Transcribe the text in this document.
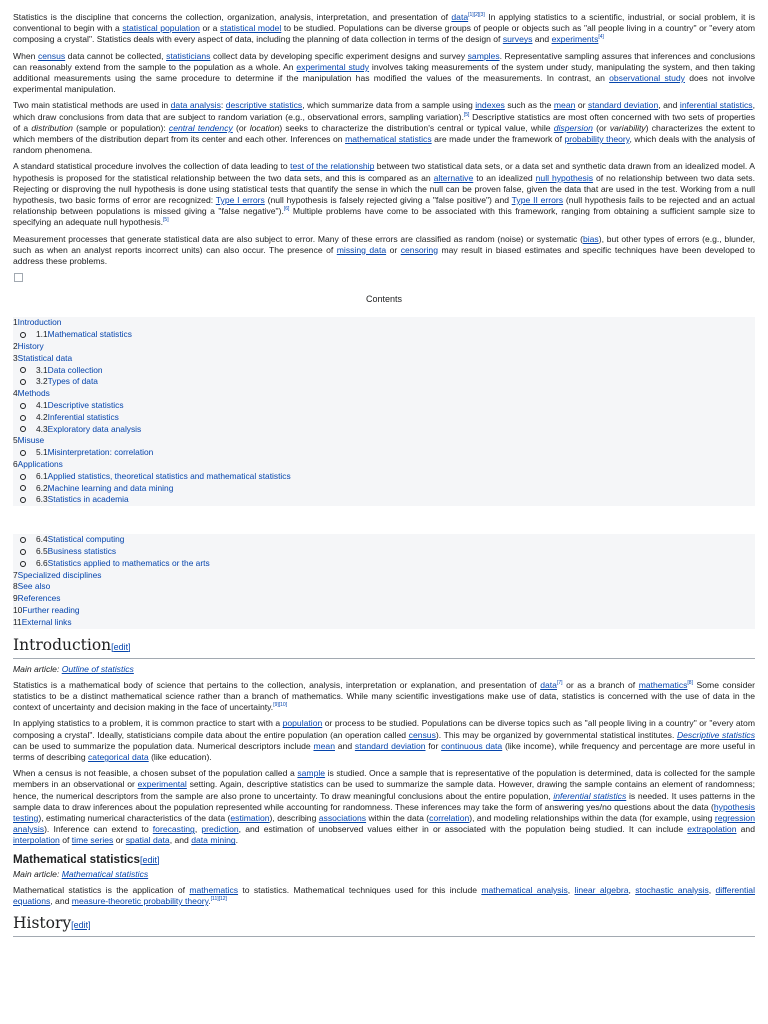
Statistics is the discipline that concerns the collection, organization, analysis, interpretation, and presentation of data[1][2][3] In applying statistics to a scientific, industrial, or social problem, it is conventional to begin with a statistical population or a statistical model to be studied. Populations can be diverse groups of people or objects such as "all people living in a country" or "every atom composing a crystal". Statistics deals with every aspect of data, including the planning of data collection in terms of the design of surveys and experiments[4]

When census data cannot be collected, statisticians collect data by developing specific experiment designs and survey samples. Representative sampling assures that inferences and conclusions can reasonably extend from the sample to the population as a whole. An experimental study involves taking measurements of the system under study, manipulating the system, and then taking additional measurements using the same procedure to determine if the manipulation has modified the values of the measurements. In contrast, an observational study does not involve experimental manipulation.

Two main statistical methods are used in data analysis: descriptive statistics, which summarize data from a sample using indexes such as the mean or standard deviation, and inferential statistics, which draw conclusions from data that are subject to random variation (e.g., observational errors, sampling variation).[5] Descriptive statistics are most often concerned with two sets of properties of a distribution (sample or population): central tendency (or location) seeks to characterize the distribution's central or typical value, while dispersion (or variability) characterizes the extent to which members of the distribution depart from its center and each other. Inferences on mathematical statistics are made under the framework of probability theory, which deals with the analysis of random phenomena.

A standard statistical procedure involves the collection of data leading to test of the relationship between two statistical data sets, or a data set and synthetic data drawn from an idealized model. A hypothesis is proposed for the statistical relationship between the two data sets, and this is compared as an alternative to an idealized null hypothesis of no relationship between two data sets. Rejecting or disproving the null hypothesis is done using statistical tests that quantify the sense in which the null can be proven false, given the data that are used in the test. Working from a null hypothesis, two basic forms of error are recognized: Type I errors (null hypothesis is falsely rejected giving a "false positive") and Type II errors (null hypothesis fails to be rejected and an actual relationship between populations is missed giving a "false negative").[6] Multiple problems have come to be associated with this framework, ranging from obtaining a sufficient sample size to specifying an adequate null hypothesis.[5]

Measurement processes that generate statistical data are also subject to error. Many of these errors are classified as random (noise) or systematic (bias), but other types of errors (e.g., blunder, such as when an analyst reports incorrect units) can also occur. The presence of missing data or censoring may result in biased estimates and specific techniques have been developed to address these problems.

Contents
1Introduction
1.1Mathematical statistics
2History
3Statistical data
3.1Data collection
3.2Types of data
4Methods
4.1Descriptive statistics
4.2Inferential statistics
4.3Exploratory data analysis
5Misuse
5.1Misinterpretation: correlation
6Applications
6.1Applied statistics, theoretical statistics and mathematical statistics
6.2Machine learning and data mining
6.3Statistics in academia
6.4Statistical computing
6.5Business statistics
6.6Statistics applied to mathematics or the arts
7Specialized disciplines
8See also
9References
10Further reading
11External links
Introduction[edit]
Main article: Outline of statistics

Statistics is a mathematical body of science that pertains to the collection, analysis, interpretation or explanation, and presentation of data[7] or as a branch of mathematics[8] Some consider statistics to be a distinct mathematical science rather than a branch of mathematics. While many scientific investigations make use of data, statistics is concerned with the use of data in the context of uncertainty and decision making in the face of uncertainty.[9][10]

In applying statistics to a problem, it is common practice to start with a population or process to be studied. Populations can be diverse topics such as "all people living in a country" or "every atom composing a crystal". Ideally, statisticians compile data about the entire population (an operation called census). This may be organized by governmental statistical institutes. Descriptive statistics can be used to summarize the population data. Numerical descriptors include mean and standard deviation for continuous data (like income), while frequency and percentage are more useful in terms of describing categorical data (like education).

When a census is not feasible, a chosen subset of the population called a sample is studied. Once a sample that is representative of the population is determined, data is collected for the sample members in an observational or experimental setting. Again, descriptive statistics can be used to summarize the sample data. However, drawing the sample contains an element of randomness; hence, the numerical descriptors from the sample are also prone to uncertainty. To draw meaningful conclusions about the entire population, inferential statistics is needed. It uses patterns in the sample data to draw inferences about the population represented while accounting for randomness. These inferences may take the form of answering yes/no questions about the data (hypothesis testing), estimating numerical characteristics of the data (estimation), describing associations within the data (correlation), and modeling relationships within the data (for example, using regression analysis). Inference can extend to forecasting, prediction, and estimation of unobserved values either in or associated with the population being studied. It can include extrapolation and interpolation of time series or spatial data, and data mining.

Mathematical statistics[edit]
Main article: Mathematical statistics

Mathematical statistics is the application of mathematics to statistics. Mathematical techniques used for this include mathematical analysis, linear algebra, stochastic analysis, differential equations, and measure-theoretic probability theory.[11][12]

History[edit]
